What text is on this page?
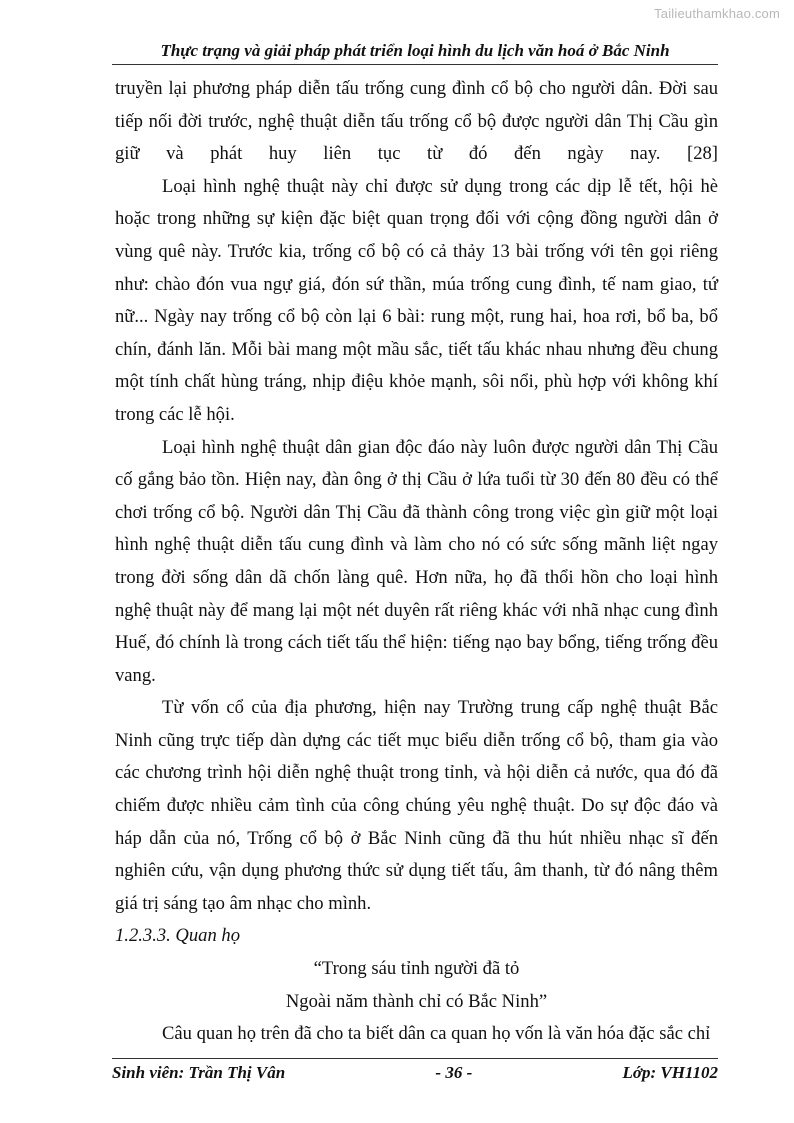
Tailieuthamkhao.com
Thực trạng và giải pháp phát triển loại hình du lịch văn hoá ở Bắc Ninh

truyền lại phương pháp diễn tấu trống cung đình cổ bộ cho người dân. Đời sau tiếp nối đời trước, nghệ thuật diễn tấu trống cổ bộ được người dân Thị Cầu gìn giữ và phát huy liên tục từ đó đến ngày nay. [28]

Loại hình nghệ thuật này chỉ được sử dụng trong các dịp lễ tết, hội hè hoặc trong những sự kiện đặc biệt quan trọng đối với cộng đồng người dân ở vùng quê này. Trước kia, trống cổ bộ có cả thảy 13 bài trống với tên gọi riêng như: chào đón vua ngự giá, đón sứ thần, múa trống cung đình, tế nam giao, tứ nữ... Ngày nay trống cổ bộ còn lại 6 bài: rung một, rung hai, hoa rơi, bổ ba, bổ chín, đánh lăn. Mỗi bài mang một mầu sắc, tiết tấu khác nhau nhưng đều chung một tính chất hùng tráng, nhịp điệu khỏe mạnh, sôi nổi, phù hợp với không khí trong các lễ hội.

Loại hình nghệ thuật dân gian độc đáo này luôn được người dân Thị Cầu cố gắng bảo tồn. Hiện nay, đàn ông ở thị Cầu ở lứa tuổi từ 30 đến 80 đều có thể chơi trống cổ bộ. Người dân Thị Cầu đã thành công trong việc gìn giữ một loại hình nghệ thuật diễn tấu cung đình và làm cho nó có sức sống mãnh liệt ngay trong đời sống dân dã chốn làng quê. Hơn nữa, họ đã thổi hồn cho loại hình nghệ thuật này để mang lại một nét duyên rất riêng khác với nhã nhạc cung đình Huế, đó chính là trong cách tiết tấu thể hiện: tiếng nạo bay bổng, tiếng trống đều vang.

Từ vốn cổ của địa phương, hiện nay Trường trung cấp nghệ thuật Bắc Ninh cũng trực tiếp dàn dựng các tiết mục biểu diễn trống cổ bộ, tham gia vào các chương trình hội diễn nghệ thuật trong tỉnh, và hội diễn cả nước, qua đó đã chiếm được nhiều cảm tình của công chúng yêu nghệ thuật. Do sự độc đáo và háp dẫn của nó, Trống cổ bộ ở Bắc Ninh cũng đã thu hút nhiều nhạc sĩ đến nghiên cứu, vận dụng phương thức sử dụng tiết tấu, âm thanh, từ đó nâng thêm giá trị sáng tạo âm nhạc cho mình.

1.2.3.3. Quan họ

“Trong sáu tỉnh người đã tỏ

Ngoài năm thành chỉ có Bắc Ninh”

Câu quan họ trên đã cho ta biết dân ca quan họ vốn là văn hóa đặc sắc chỉ

Sinh viên: Trần Thị Vân	- 36 -	Lớp: VH1102
